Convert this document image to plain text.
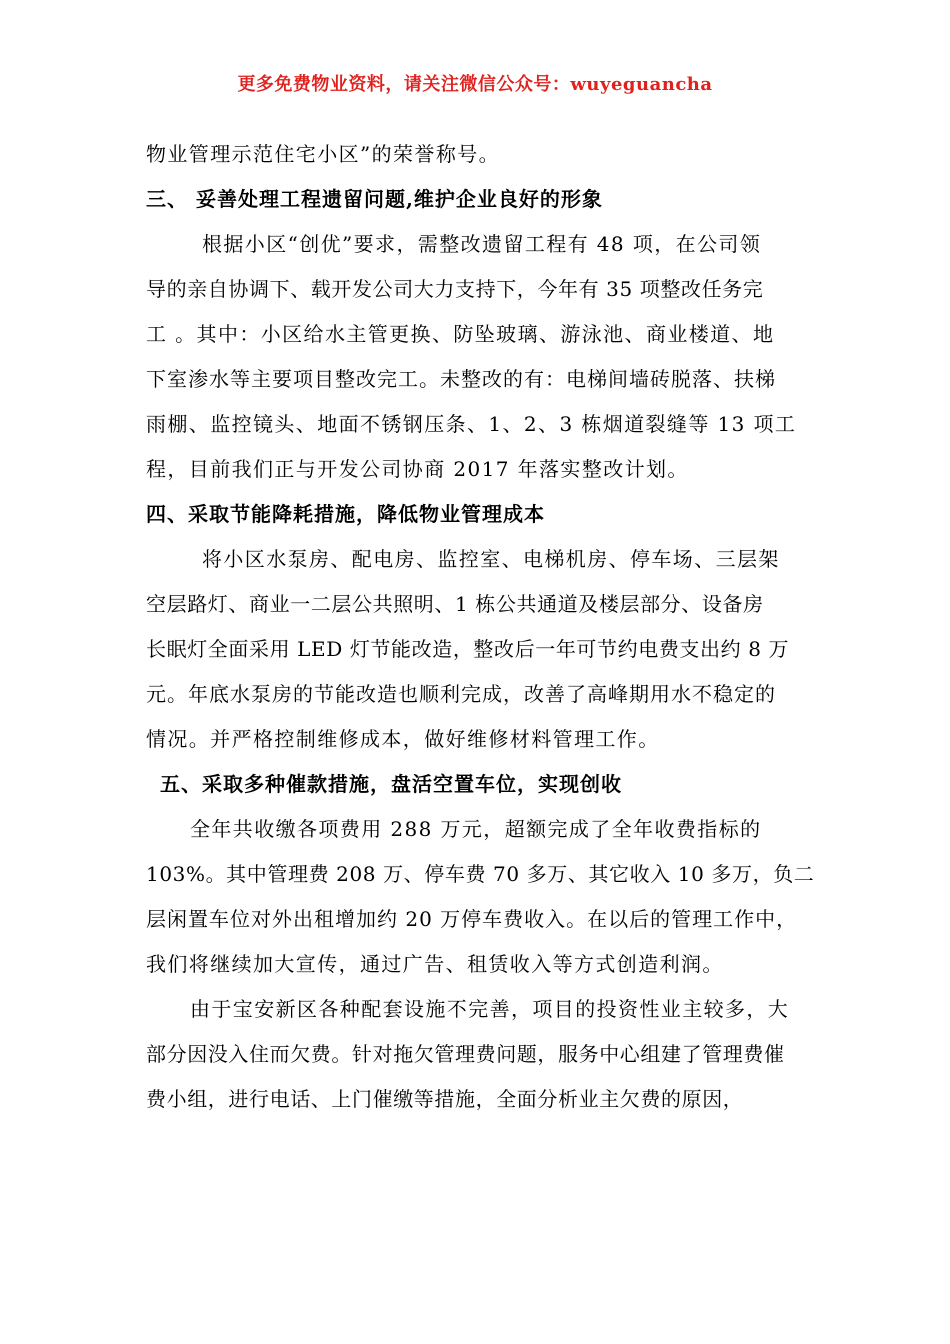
更多免费物业资料，请关注微信公众号：wuyeguancha
物业管理示范住宅小区”的荣誉称号。
三、 妥善处理工程遗留问题,维护企业良好的形象
根据小区“创优”要求，需整改遗留工程有 48 项，在公司领
导的亲自协调下、载开发公司大力支持下，今年有 35 项整改任务完
工 。其中：小区给水主管更换、防坠玻璃、游泳池、商业楼道、地
下室渗水等主要项目整改完工。未整改的有：电梯间墙砖脱落、扶梯
雨棚、监控镜头、地面不锈钢压条、1、2、3 栋烟道裂缝等 13 项工
程，目前我们正与开发公司协商 2017 年落实整改计划。
四、采取节能降耗措施，降低物业管理成本
将小区水泵房、配电房、监控室、电梯机房、停车场、三层架
空层路灯、商业一二层公共照明、1 栋公共通道及楼层部分、设备房
长眠灯全面采用 LED 灯节能改造，整改后一年可节约电费支出约 8 万
元。年底水泵房的节能改造也顺利完成，改善了高峰期用水不稳定的
情况。并严格控制维修成本，做好维修材料管理工作。
五、采取多种催款措施，盘活空置车位，实现创收
全年共收缴各项费用 288 万元，超额完成了全年收费指标的
103%。其中管理费 208 万、停车费 70 多万、其它收入 10 多万，负二
层闲置车位对外出租增加约 20 万停车费收入。在以后的管理工作中，
我们将继续加大宣传，通过广告、租赁收入等方式创造利润。
由于宝安新区各种配套设施不完善，项目的投资性业主较多，大
部分因没入住而欠费。针对拖欠管理费问题，服务中心组建了管理费催
费小组，进行电话、上门催缴等措施，全面分析业主欠费的原因，
